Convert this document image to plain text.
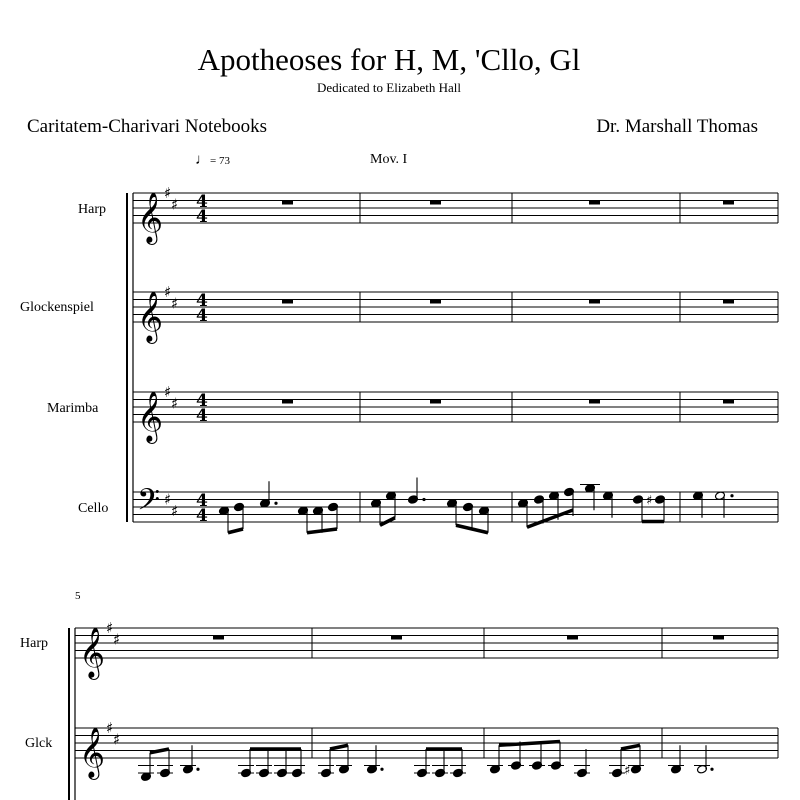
Apotheoses for H, M, 'Cllo, Gl
Dedicated to Elizabeth Hall
Caritatem-Charivari Notebooks	Dr. Marshall Thomas
♩= 73	Mov. I
Harp
Glockenspiel
Marimba
Cello
5
Harp
Glck
𝄞 ♯
♯ 4
4
𝄞 ♯
♯ 4
4
𝄞 ♯
♯ 4
4
𝄢 ♯
♯ 4
4
♯
𝄞 ♯
♯
𝄞 ♯
♯
♯
